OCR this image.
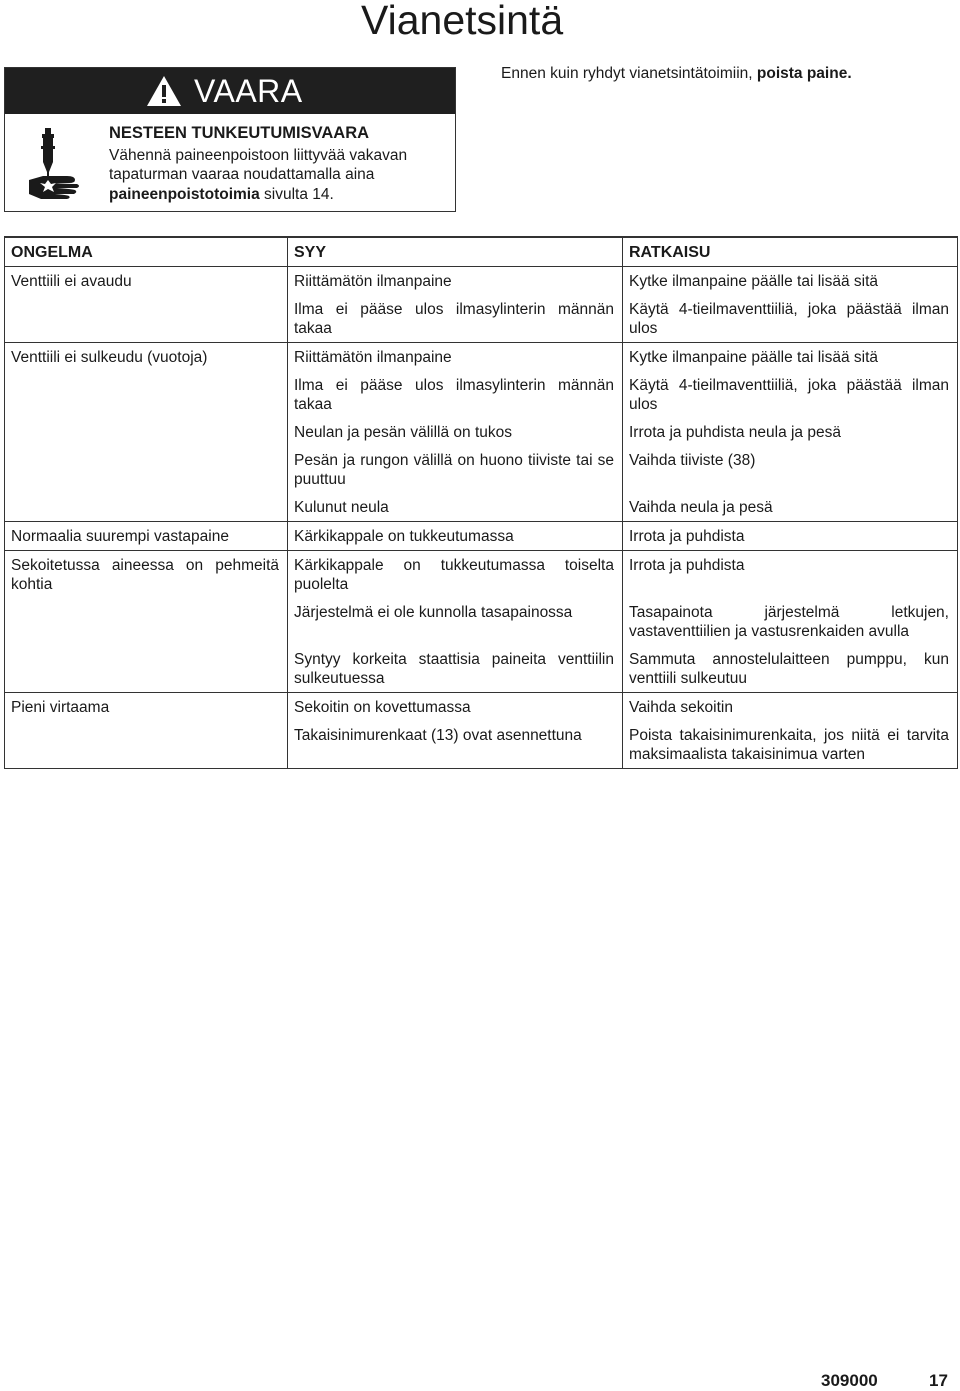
Vianetsintä
VAARA
NESTEEN TUNKEUTUMISVAARA
Vähennä paineenpoistoon liittyvää vakavan
tapaturman vaaraa noudattamalla aina
paineenpoistotoimia sivulta 14.
Ennen kuin ryhdyt vianetsintätoimiin, poista paine.
ONGELMA	SYY	RATKAISU
Venttiili ei avaudu	Riittämätön ilmanpaine	Kytke ilmanpaine päälle tai lisää sitä
	Ilma ei pääse ulos ilmasylinterin männän takaa	Käytä 4-tieilmaventtiiliä, joka päästää ilman ulos
Venttiili ei sulkeudu (vuotoja)	Riittämätön ilmanpaine	Kytke ilmanpaine päälle tai lisää sitä
	Ilma ei pääse ulos ilmasylinterin männän takaa	Käytä 4-tieilmaventtiiliä, joka päästää ilman ulos
	Neulan ja pesän välillä on tukos	Irrota ja puhdista neula ja pesä
	Pesän ja rungon välillä on huono tiiviste tai se puuttuu	Vaihda tiiviste (38)
	Kulunut neula	Vaihda neula ja pesä
Normaalia suurempi vastapaine	Kärkikappale on tukkeutumassa	Irrota ja puhdista
Sekoitetussa aineessa on pehmeitä kohtia	Kärkikappale on tukkeutumassa toiselta puolelta	Irrota ja puhdista
	Järjestelmä ei ole kunnolla tasapainossa	Tasapainota järjestelmä letkujen, vastaventtiilien ja vastusrenkaiden avulla
	Syntyy korkeita staattisia paineita venttiilin sulkeutuessa	Sammuta annostelulaitteen pumppu, kun venttiili sulkeutuu
Pieni virtaama	Sekoitin on kovettumassa	Vaihda sekoitin
	Takaisinimurenkaat (13) ovat asennettuna	Poista takaisinimurenkaita, jos niitä ei tarvita maksimaalista takaisinimua varten
309000	17
